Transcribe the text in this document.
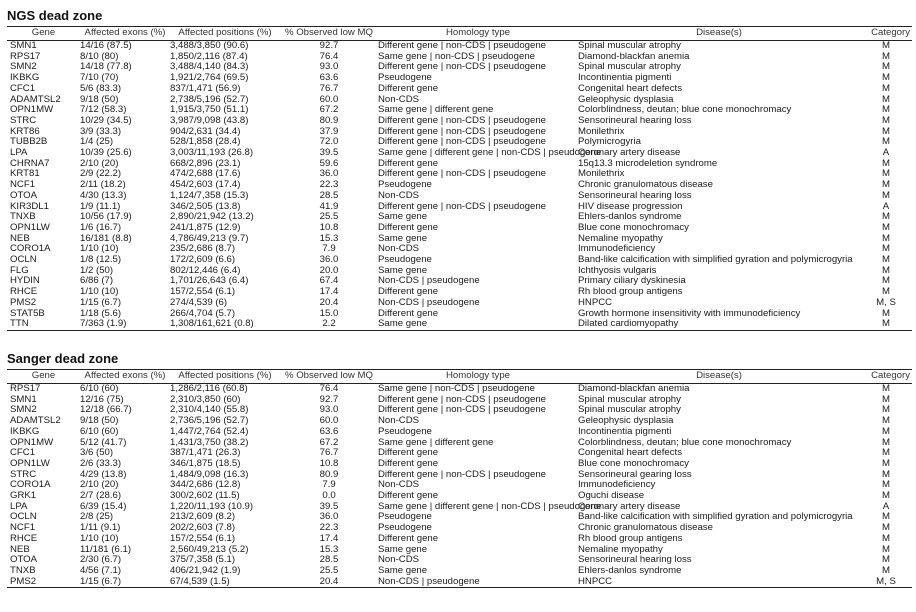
NGS dead zone
Gene	Affected exons (%)	Affected positions (%)	% Observed low MQ	Homology type	Disease(s)	Category
SMN1	14/16 (87.5)	3,488/3,850 (90.6)	92.7	Different gene | non-CDS | pseudogene	Spinal muscular atrophy	M
RPS17	8/10 (80)	1,850/2,116 (87.4)	76.4	Same gene | non-CDS | pseudogene	Diamond-blackfan anemia	M
SMN2	14/18 (77.8)	3,488/4,140 (84.3)	93.0	Different gene | non-CDS | pseudogene	Spinal muscular atrophy	M
IKBKG	7/10 (70)	1,921/2,764 (69.5)	63.6	Pseudogene	Incontinentia pigmenti	M
CFC1	5/6 (83.3)	837/1,471 (56.9)	76.7	Different gene	Congenital heart defects	M
ADAMTSL2	9/18 (50)	2,738/5,196 (52.7)	60.0	Non-CDS	Geleophysic dysplasia	M
OPN1MW	7/12 (58.3)	1,915/3,750 (51.1)	67.2	Same gene | different gene	Colorblindness, deutan; blue cone monochromacy	M
STRC	10/29 (34.5)	3,987/9,098 (43.8)	80.9	Different gene | non-CDS | pseudogene	Sensorineural hearing loss	M
KRT86	3/9 (33.3)	904/2,631 (34.4)	37.9	Different gene | non-CDS | pseudogene	Monilethrix	M
TUBB2B	1/4 (25)	528/1,858 (28.4)	72.0	Different gene | non-CDS | pseudogene	Polymicrogyria	M
LPA	10/39 (25.6)	3,003/11,193 (26.8)	39.5	Same gene | different gene | non-CDS | pseudogene	Coronary artery disease	A
CHRNA7	2/10 (20)	668/2,896 (23.1)	59.6	Different gene	15q13.3 microdeletion syndrome	M
KRT81	2/9 (22.2)	474/2,688 (17.6)	36.0	Different gene | non-CDS | pseudogene	Monilethrix	M
NCF1	2/11 (18.2)	454/2,603 (17.4)	22.3	Pseudogene	Chronic granulomatous disease	M
OTOA	4/30 (13.3)	1,124/7,358 (15.3)	28.5	Non-CDS	Sensorineural hearing loss	M
KIR3DL1	1/9 (11.1)	346/2,505 (13.8)	41.9	Different gene | non-CDS | pseudogene	HIV disease progression	A
TNXB	10/56 (17.9)	2,890/21,942 (13.2)	25.5	Same gene	Ehlers-danlos syndrome	M
OPN1LW	1/6 (16.7)	241/1,875 (12.9)	10.8	Different gene	Blue cone monochromacy	M
NEB	16/181 (8.8)	4,786/49,213 (9.7)	15.3	Same gene	Nemaline myopathy	M
CORO1A	1/10 (10)	235/2,686 (8.7)	7.9	Non-CDS	Immunodeficiency	M
OCLN	1/8 (12.5)	172/2,609 (6.6)	36.0	Pseudogene	Band-like calcification with simplified gyration and polymicrogyria	M
FLG	1/2 (50)	802/12,446 (6.4)	20.0	Same gene	Ichthyosis vulgaris	M
HYDIN	6/86 (7)	1,701/26,643 (6.4)	67.4	Non-CDS | pseudogene	Primary ciliary dyskinesia	M
RHCE	1/10 (10)	157/2,554 (6.1)	17.4	Different gene	Rh blood group antigens	M
PMS2	1/15 (6.7)	274/4,539 (6)	20.4	Non-CDS | pseudogene	HNPCC	M, S
STAT5B	1/18 (5.6)	266/4,704 (5.7)	15.0	Different gene	Growth hormone insensitivity with immunodeficiency	M
TTN	7/363 (1.9)	1,308/161,621 (0.8)	2.2	Same gene	Dilated cardiomyopathy	M
Sanger dead zone
Gene	Affected exons (%)	Affected positions (%)	% Observed low MQ	Homology type	Disease(s)	Category
RPS17	6/10 (60)	1,286/2,116 (60.8)	76.4	Same gene | non-CDS | pseudogene	Diamond-blackfan anemia	M
SMN1	12/16 (75)	2,310/3,850 (60)	92.7	Different gene | non-CDS | pseudogene	Spinal muscular atrophy	M
SMN2	12/18 (66.7)	2,310/4,140 (55.8)	93.0	Different gene | non-CDS | pseudogene	Spinal muscular atrophy	M
ADAMTSL2	9/18 (50)	2,736/5,196 (52.7)	60.0	Non-CDS	Geleophysic dysplasia	M
IKBKG	6/10 (60)	1,447/2,764 (52.4)	63.6	Pseudogene	Incontinentia pigmenti	M
OPN1MW	5/12 (41.7)	1,431/3,750 (38.2)	67.2	Same gene | different gene	Colorblindness, deutan; blue cone monochromacy	M
CFC1	3/6 (50)	387/1,471 (26.3)	76.7	Different gene	Congenital heart defects	M
OPN1LW	2/6 (33.3)	346/1,875 (18.5)	10.8	Different gene	Blue cone monochromacy	M
STRC	4/29 (13.8)	1,484/9,098 (16.3)	80.9	Different gene | non-CDS | pseudogene	Sensorineural gearing loss	M
CORO1A	2/10 (20)	344/2,686 (12.8)	7.9	Non-CDS	Immunodeficiency	M
GRK1	2/7 (28.6)	300/2,602 (11.5)	0.0	Different gene	Oguchi disease	M
LPA	6/39 (15.4)	1,220/11,193 (10.9)	39.5	Same gene | different gene | non-CDS | pseudogene	Coronary artery disease	A
OCLN	2/8 (25)	213/2,609 (8.2)	36.0	Pseudogene	Band-like calcification with simplified gyration and polymicrogyria	M
NCF1	1/11 (9.1)	202/2,603 (7.8)	22.3	Pseudogene	Chronic granulomatous disease	M
RHCE	1/10 (10)	157/2,554 (6.1)	17.4	Different gene	Rh blood group antigens	M
NEB	11/181 (6.1)	2,560/49,213 (5.2)	15.3	Same gene	Nemaline myopathy	M
OTOA	2/30 (6.7)	375/7,358 (5.1)	28.5	Non-CDS	Sensorineural hearing loss	M
TNXB	4/56 (7.1)	406/21,942 (1.9)	25.5	Same gene	Ehlers-danlos syndrome	M
PMS2	1/15 (6.7)	67/4,539 (1.5)	20.4	Non-CDS | pseudogene	HNPCC	M, S
